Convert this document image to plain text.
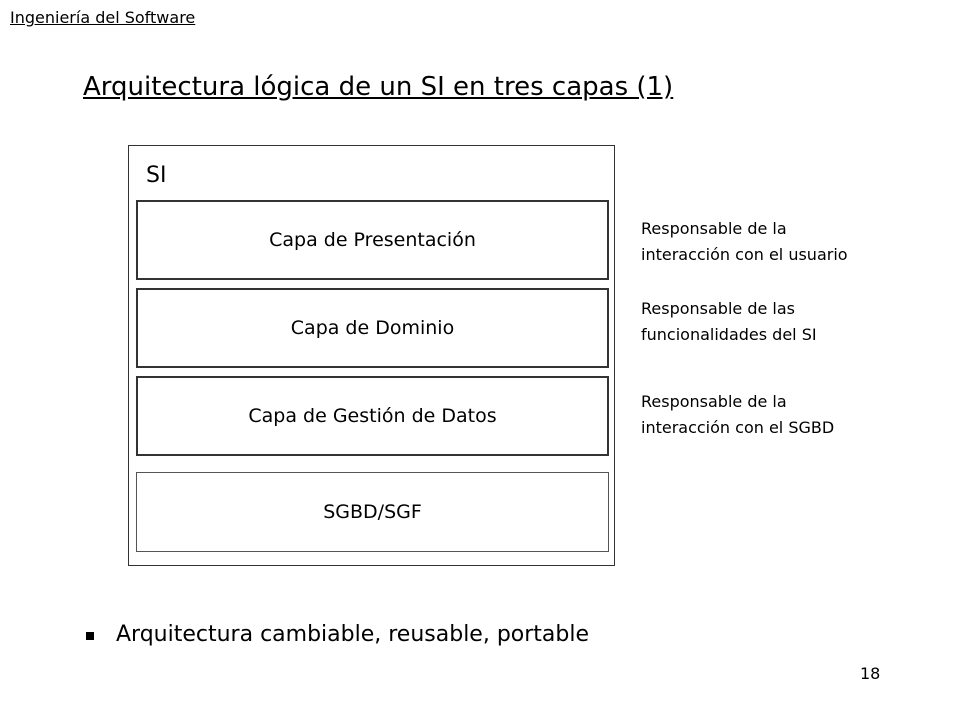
Ingeniería del Software
Arquitectura lógica de un SI en tres capas (1)
SI
Capa de Presentación
Capa de Dominio
Capa de Gestión de Datos
SGBD/SGF
Responsable de la
interacción con el usuario
Responsable de las
funcionalidades del SI
Responsable de la
interacción con el SGBD
Arquitectura cambiable, reusable, portable
18
